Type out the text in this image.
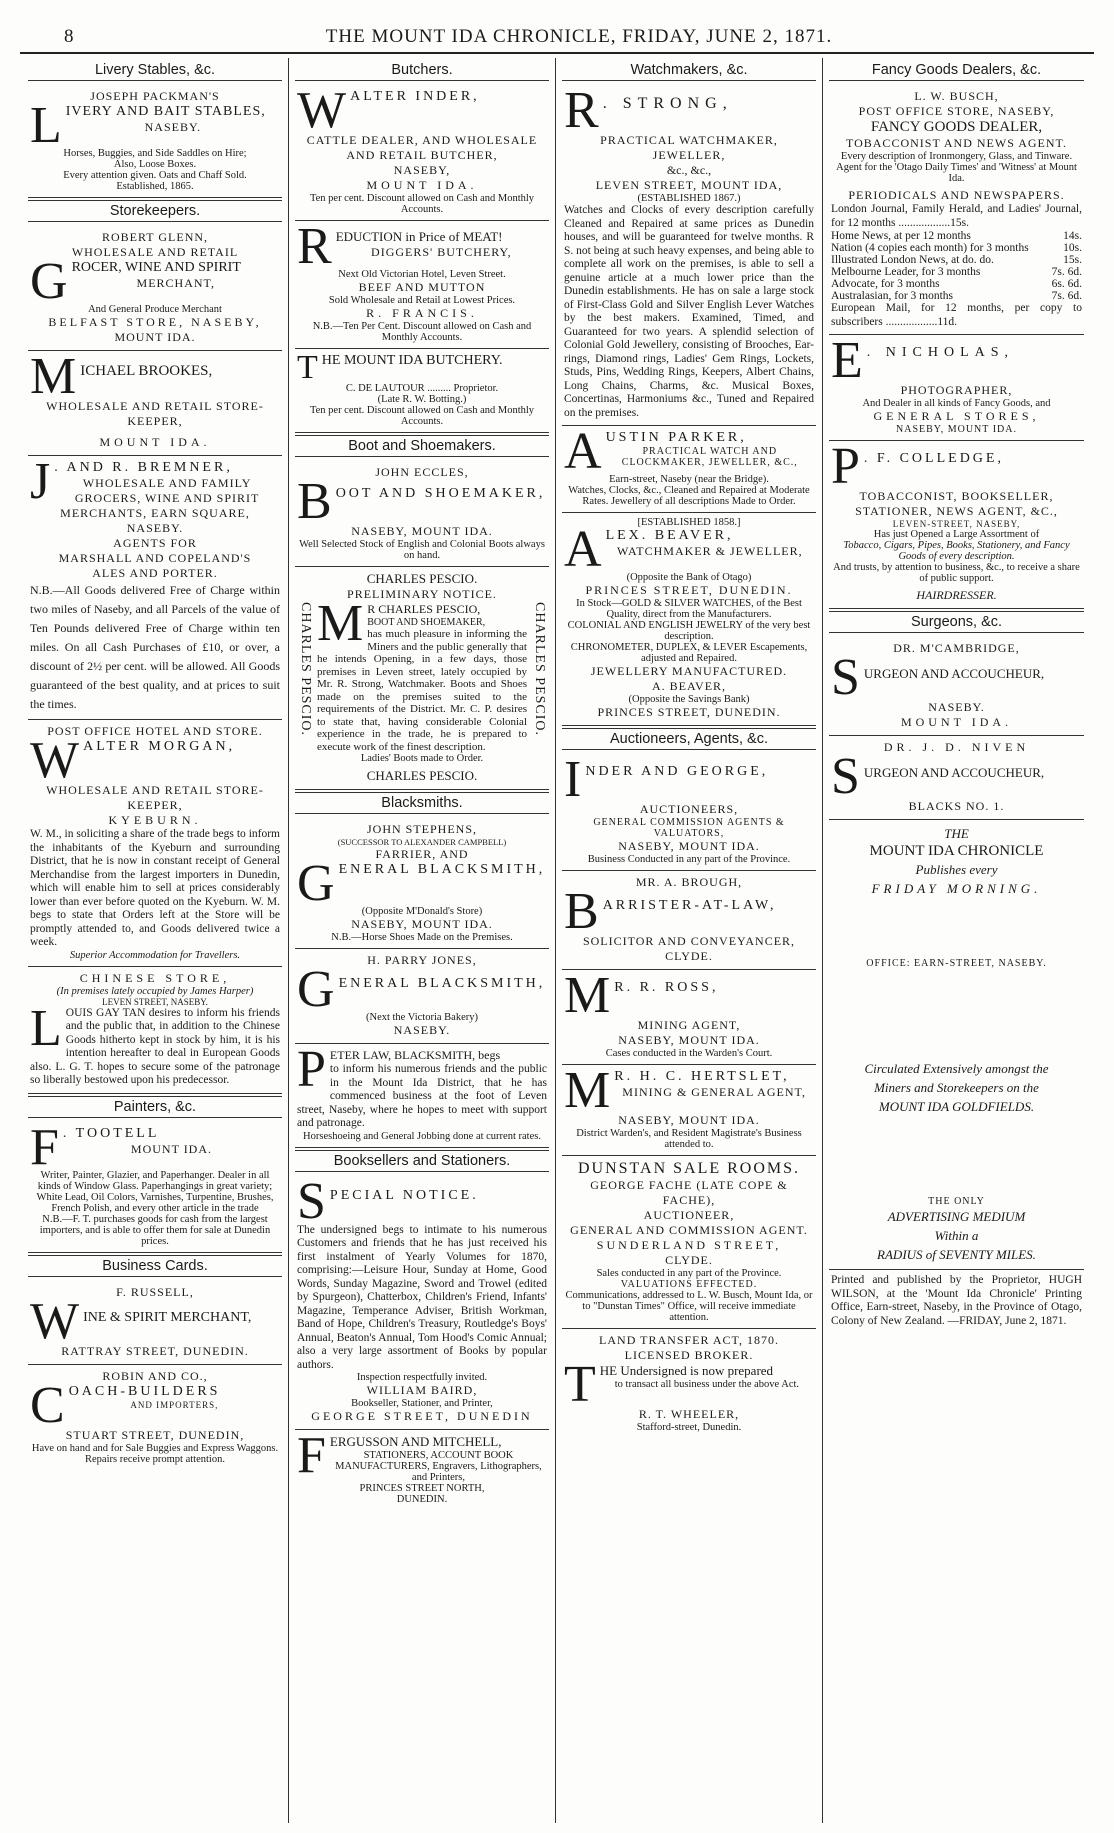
8	THE MOUNT IDA CHRONICLE, FRIDAY, JUNE 2, 1871.
Livery Stables, &c.
JOSEPH PACKMAN'S
L IVERY AND BAIT STABLES,
NASEBY.
Horses, Buggies, and Side Saddles on Hire;
Also, Loose Boxes.
Every attention given. Oats and Chaff Sold.
Established, 1865.
Storekeepers.
ROBERT GLENN,
WHOLESALE AND RETAIL
G ROCER, WINE AND SPIRIT
MERCHANT,
And General Produce Merchant
BELFAST STORE, NASEBY,
MOUNT IDA.
M ICHAEL BROOKES,
WHOLESALE AND RETAIL STORE-
KEEPER,
MOUNT IDA.
J . AND R. BREMNER,
WHOLESALE AND FAMILY GROCERS, WINE AND SPIRIT MERCHANTS, EARN SQUARE, NASEBY.
AGENTS FOR
MARSHALL AND COPELAND'S
ALES AND PORTER.
N.B.—All Goods delivered Free of Charge within two miles of Naseby, and all Parcels of the value of Ten Pounds delivered Free of Charge within ten miles. On all Cash Purchases of £10, or over, a discount of 2½ per cent. will be allowed. All Goods guaranteed of the best quality, and at prices to suit the times.
POST OFFICE HOTEL AND STORE.
W ALTER MORGAN,
WHOLESALE AND RETAIL STORE-KEEPER,
KYEBURN.
W. M., in soliciting a share of the trade begs to inform the inhabitants of the Kyeburn and surrounding District, that he is now in constant receipt of General Merchandise from the largest importers in Dunedin, which will enable him to sell at prices considerably lower than ever before quoted on the Kyeburn. W. M. begs to state that Orders left at the Store will be promptly attended to, and Goods delivered twice a week.
Superior Accommodation for Travellers.
CHINESE STORE,
(In premises lately occupied by James Harper)
LEVEN STREET, NASEBY.
L OUIS GAY TAN desires to inform his friends and the public that, in addition to the Chinese Goods hitherto kept in stock by him, it is his intention hereafter to deal in European Goods also. L. G. T. hopes to secure some of the patronage so liberally bestowed upon his predecessor.
Painters, &c.
F . TOOTELL
MOUNT IDA.
Writer, Painter, Glazier, and Paperhanger. Dealer in all kinds of Window Glass. Paperhangings in great variety; White Lead, Oil Colors, Varnishes, Turpentine, Brushes, French Polish, and every other article in the trade
N.B.—F. T. purchases goods for cash from the largest importers, and is able to offer them for sale at Dunedin prices.
Business Cards.
F. RUSSELL,
W INE & SPIRIT MERCHANT,
RATTRAY STREET, DUNEDIN.
ROBIN AND CO.,
C OACH-BUILDERS
AND IMPORTERS,
STUART STREET, DUNEDIN,
Have on hand and for Sale Buggies and Express Waggons.
Repairs receive prompt attention.
Butchers.
W ALTER INDER,
CATTLE DEALER, AND WHOLESALE AND RETAIL BUTCHER,
NASEBY,
MOUNT IDA.
Ten per cent. Discount allowed on Cash and Monthly Accounts.
R EDUCTION in Price of MEAT!
DIGGERS' BUTCHERY,
Next Old Victorian Hotel, Leven Street.
BEEF AND MUTTON
Sold Wholesale and Retail at Lowest Prices.
R. FRANCIS.
N.B.—Ten Per Cent. Discount allowed on Cash and Monthly Accounts.
T HE MOUNT IDA BUTCHERY.
C. DE LAUTOUR ......... Proprietor.
(Late R. W. Botting.)
Ten per cent. Discount allowed on Cash and Monthly Accounts.
Boot and Shoemakers.
JOHN ECCLES,
B OOT AND SHOEMAKER,
NASEBY, MOUNT IDA.
Well Selected Stock of English and Colonial Boots always on hand.
CHARLES PESCIO.
PRELIMINARY NOTICE.
CHARLES PESCIO. M R CHARLES PESCIO,
BOOT AND SHOEMAKER,
has much pleasure in informing the Miners and the public generally that he intends Opening, in a few days, those premises in Leven street, lately occupied by Mr. R. Strong, Watchmaker. Boots and Shoes made on the premises suited to the requirements of the District. Mr. C. P. desires to state that, having considerable Colonial experience in the trade, he is prepared to execute work of the finest description.
CHARLES PESCIO.
Ladies' Boots made to Order.
CHARLES PESCIO.
Blacksmiths.
JOHN STEPHENS,
(SUCCESSOR TO ALEXANDER CAMPBELL)
FARRIER, AND
G ENERAL BLACKSMITH,
(Opposite M'Donald's Store)
NASEBY, MOUNT IDA.
N.B.—Horse Shoes Made on the Premises.
H. PARRY JONES,
G ENERAL BLACKSMITH,
(Next the Victoria Bakery)
NASEBY.
P ETER LAW, BLACKSMITH, begs
to inform his numerous friends and the public in the Mount Ida District, that he has commenced business at the foot of Leven street, Naseby, where he hopes to meet with support and patronage.
Horseshoeing and General Jobbing done at current rates.
Booksellers and Stationers.
S PECIAL NOTICE.
The undersigned begs to intimate to his numerous Customers and friends that he has just received his first instalment of Yearly Volumes for 1870, comprising:—Leisure Hour, Sunday at Home, Good Words, Sunday Magazine, Sword and Trowel (edited by Spurgeon), Chatterbox, Children's Friend, Infants' Magazine, Temperance Adviser, British Workman, Band of Hope, Children's Treasury, Routledge's Boys' Annual, Beaton's Annual, Tom Hood's Comic Annual; also a very large assortment of Books by popular authors.
Inspection respectfully invited.
WILLIAM BAIRD,
Bookseller, Stationer, and Printer,
GEORGE STREET, DUNEDIN
F ERGUSSON AND MITCHELL,
STATIONERS, ACCOUNT BOOK MANUFACTURERS, Engravers, Lithographers, and Printers,
PRINCES STREET NORTH,
DUNEDIN.
Watchmakers, &c.
R . STRONG,
PRACTICAL WATCHMAKER, JEWELLER,
&c., &c.,
LEVEN STREET, MOUNT IDA,
(ESTABLISHED 1867.)
Watches and Clocks of every description carefully Cleaned and Repaired at same prices as Dunedin houses, and will be guaranteed for twelve months. R S. not being at such heavy expenses, and being able to complete all work on the premises, is able to sell a genuine article at a much lower price than the Dunedin establishments. He has on sale a large stock of First-Class Gold and Silver English Lever Watches by the best makers. Examined, Timed, and Guaranteed for two years. A splendid selection of Colonial Gold Jewellery, consisting of Brooches, Ear-rings, Diamond rings, Ladies' Gem Rings, Lockets, Studs, Pins, Wedding Rings, Keepers, Albert Chains, Long Chains, Charms, &c. Musical Boxes, Concertinas, Harmoniums &c., Tuned and Repaired on the premises.
A USTIN PARKER,
PRACTICAL WATCH AND CLOCKMAKER, JEWELLER, &C.,
Earn-street, Naseby (near the Bridge).
Watches, Clocks, &c., Cleaned and Repaired at Moderate Rates. Jewellery of all descriptions Made to Order.
[ESTABLISHED 1858.]
A LEX. BEAVER,
WATCHMAKER & JEWELLER,
(Opposite the Bank of Otago)
PRINCES STREET, DUNEDIN.
In Stock—GOLD & SILVER WATCHES, of the Best Quality, direct from the Manufacturers.
COLONIAL AND ENGLISH JEWELRY of the very best description.
CHRONOMETER, DUPLEX, & LEVER Escapements, adjusted and Repaired.
JEWELLERY MANUFACTURED.
A. BEAVER,
(Opposite the Savings Bank)
PRINCES STREET, DUNEDIN.
Auctioneers, Agents, &c.
I NDER AND GEORGE,
AUCTIONEERS,
GENERAL COMMISSION AGENTS & VALUATORS,
NASEBY, MOUNT IDA.
Business Conducted in any part of the Province.
MR. A. BROUGH,
B ARRISTER-AT-LAW,
SOLICITOR AND CONVEYANCER,
CLYDE.
M R. R. ROSS,
MINING AGENT,
NASEBY, MOUNT IDA.
Cases conducted in the Warden's Court.
M R. H. C. HERTSLET,
MINING & GENERAL AGENT,
NASEBY, MOUNT IDA.
District Warden's, and Resident Magistrate's Business attended to.
DUNSTAN SALE ROOMS.
GEORGE FACHE (LATE COPE & FACHE),
AUCTIONEER,
GENERAL AND COMMISSION AGENT.
SUNDERLAND STREET,
CLYDE.
Sales conducted in any part of the Province.
VALUATIONS EFFECTED.
Communications, addressed to L. W. Busch, Mount Ida, or to "Dunstan Times" Office, will receive immediate attention.
LAND TRANSFER ACT, 1870.
LICENSED BROKER.
T HE Undersigned is now prepared
to transact all business under the above Act.
R. T. WHEELER,
Stafford-street, Dunedin.
Fancy Goods Dealers, &c.
L. W. BUSCH,
POST OFFICE STORE, NASEBY,
FANCY GOODS DEALER,
TOBACCONIST AND NEWS AGENT.
Every description of Ironmongery, Glass, and Tinware.
Agent for the 'Otago Daily Times' and 'Witness' at Mount Ida.
PERIODICALS AND NEWSPAPERS.
London Journal, Family Herald, and Ladies' Journal, for 12 months ..................15s.
Home News, at per 12 months	14s.
Nation (4 copies each month) for 3 months	10s.
Illustrated London News, at do. do.	15s.
Melbourne Leader, for 3 months	7s. 6d.
Advocate, for 3 months	6s. 6d.
Australasian, for 3 months	7s. 6d.
European Mail, for 12 months, per copy to subscribers ..................11d.
E . NICHOLAS,
PHOTOGRAPHER,
And Dealer in all kinds of Fancy Goods, and
GENERAL STORES,
NASEBY, MOUNT IDA.
P . F. COLLEDGE,
TOBACCONIST, BOOKSELLER, STATIONER, NEWS AGENT, &C.,
LEVEN-STREET, NASEBY,
Has just Opened a Large Assortment of
Tobacco, Cigars, Pipes, Books, Stationery, and Fancy Goods of every description.
And trusts, by attention to business, &c., to receive a share of public support.
HAIRDRESSER.
Surgeons, &c.
DR. M'CAMBRIDGE,
S URGEON AND ACCOUCHEUR,
NASEBY.
MOUNT IDA.
DR. J. D. NIVEN
S URGEON AND ACCOUCHEUR,
BLACKS NO. 1.
THE
MOUNT IDA CHRONICLE
Publishes every
FRIDAY MORNING.
OFFICE: EARN-STREET, NASEBY.
Circulated Extensively amongst the
Miners and Storekeepers on the
MOUNT IDA GOLDFIELDS.
THE ONLY
ADVERTISING MEDIUM
Within a
RADIUS of SEVENTY MILES.
Printed and published by the Proprietor, HUGH WILSON, at the 'Mount Ida Chronicle' Printing Office, Earn-street, Naseby, in the Province of Otago, Colony of New Zealand. —FRIDAY, June 2, 1871.
